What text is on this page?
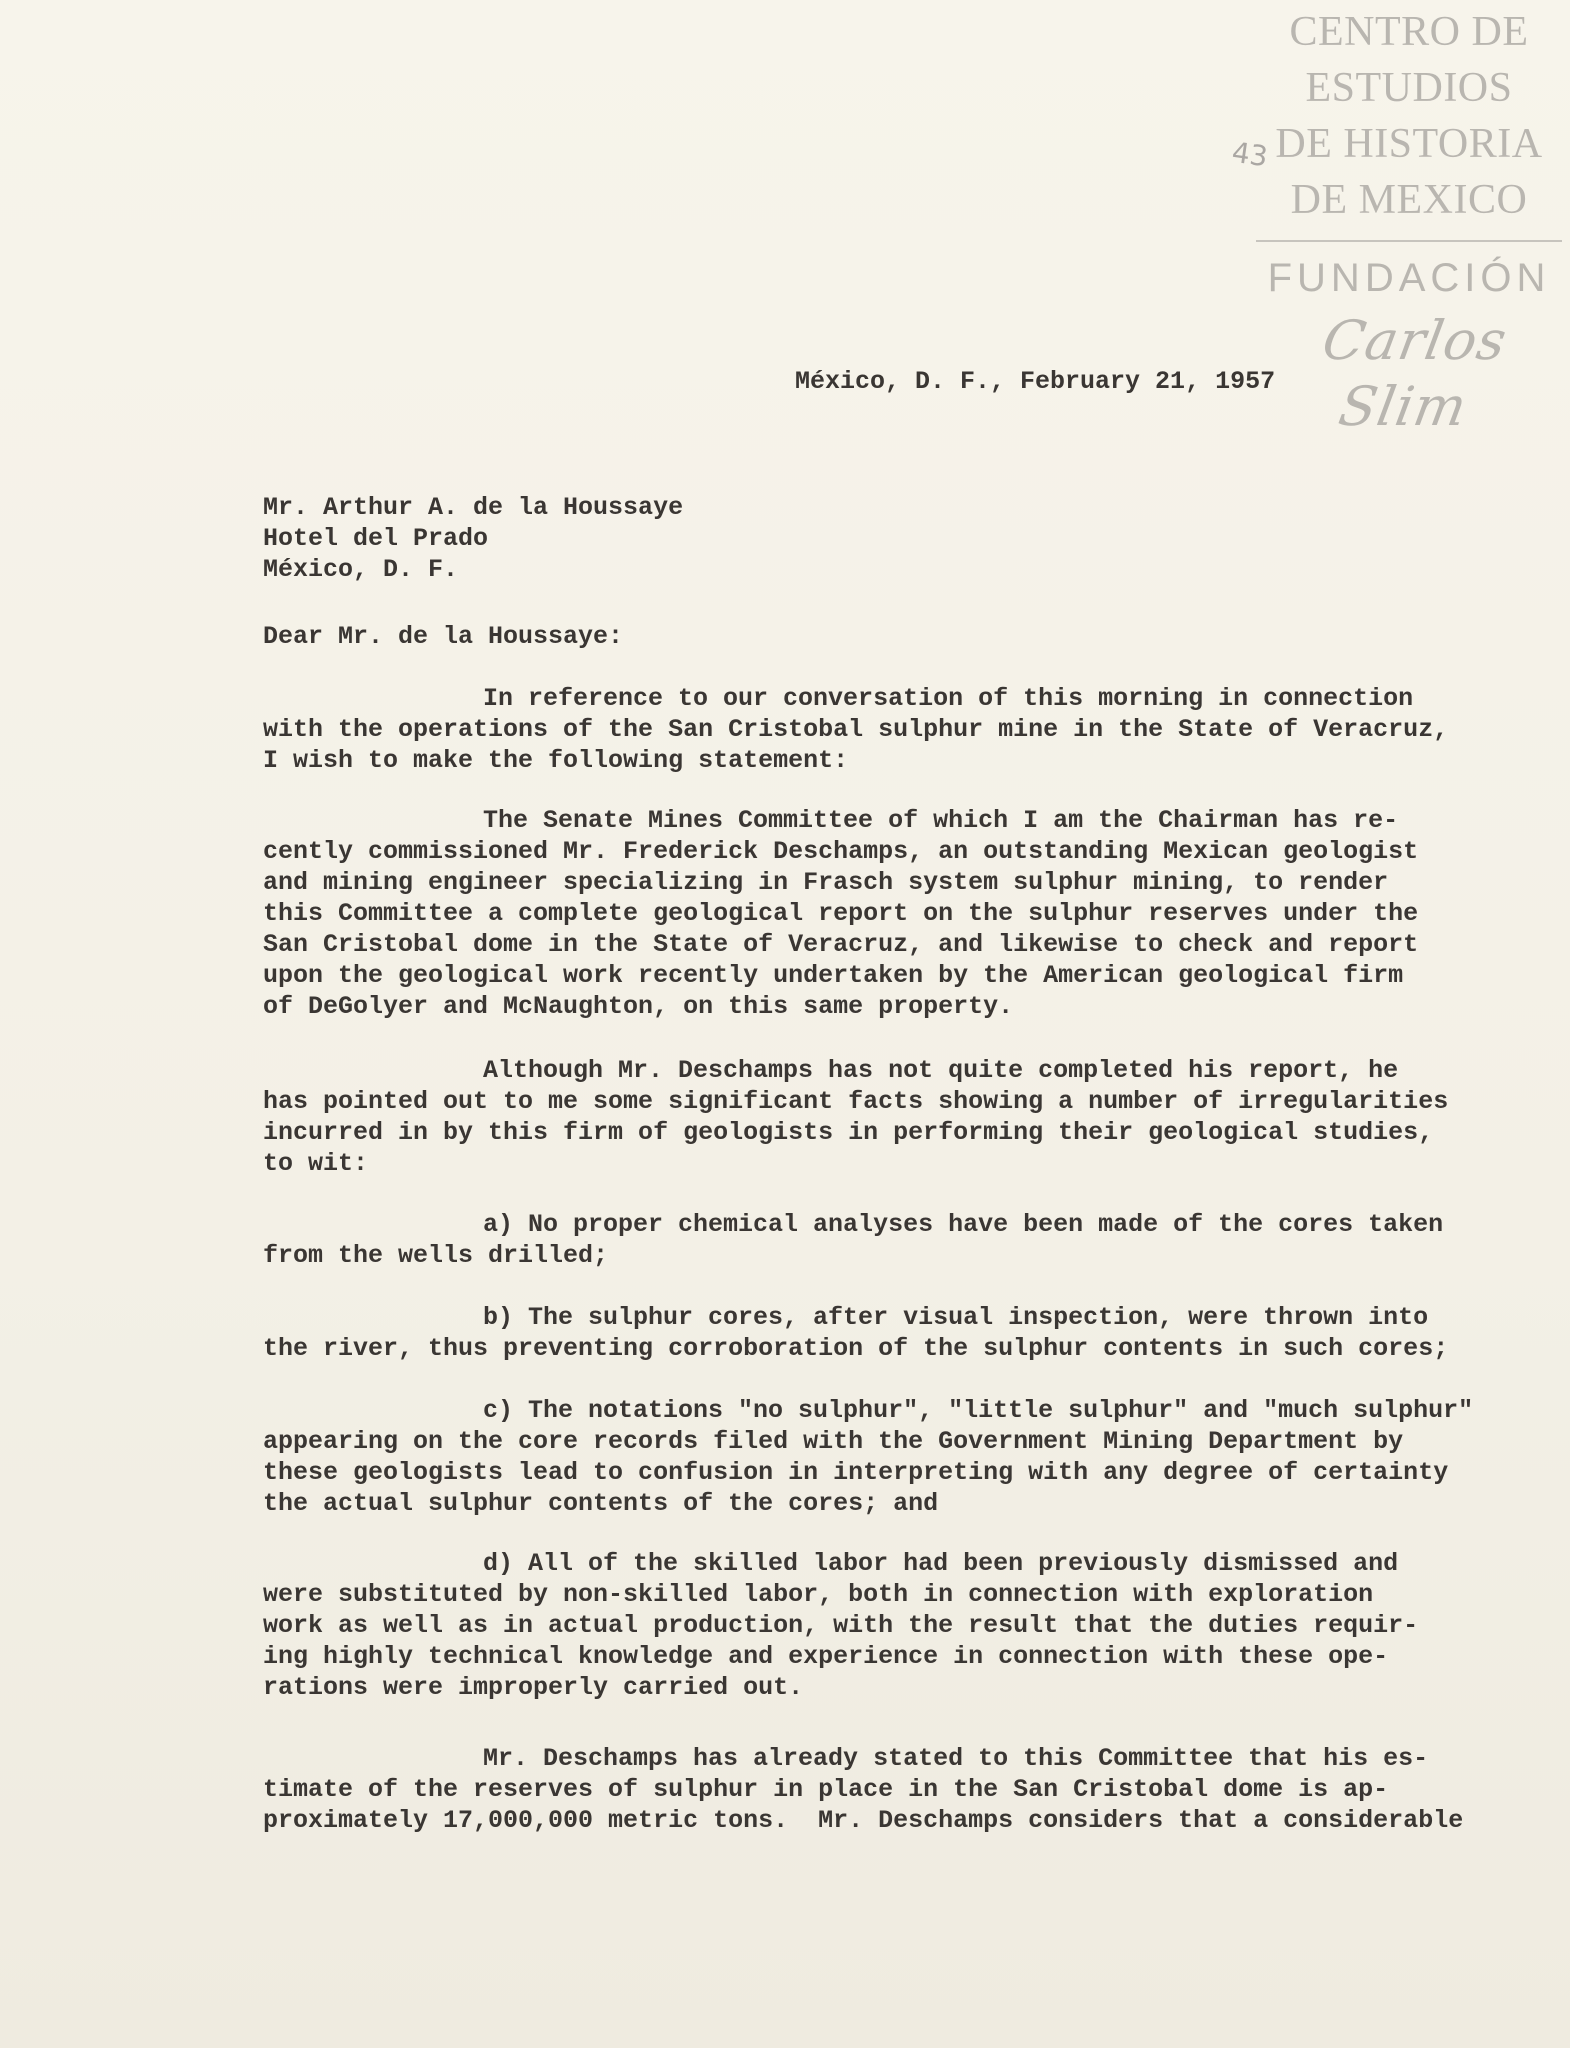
CENTRO DE
ESTUDIOS
DE HISTORIA
DE MEXICO
FUNDACIÓN
Carlos Slim
43
México, D. F., February 21, 1957
Mr. Arthur A. de la Houssaye
Hotel del Prado
México, D. F.
Dear Mr. de la Houssaye:
In reference to our conversation of this morning in connection
with the operations of the San Cristobal sulphur mine in the State of Veracruz,
I wish to make the following statement:
The Senate Mines Committee of which I am the Chairman has re-
cently commissioned Mr. Frederick Deschamps, an outstanding Mexican geologist
and mining engineer specializing in Frasch system sulphur mining, to render
this Committee a complete geological report on the sulphur reserves under the
San Cristobal dome in the State of Veracruz, and likewise to check and report
upon the geological work recently undertaken by the American geological firm
of DeGolyer and McNaughton, on this same property.
Although Mr. Deschamps has not quite completed his report, he
has pointed out to me some significant facts showing a number of irregularities
incurred in by this firm of geologists in performing their geological studies,
to wit:
a) No proper chemical analyses have been made of the cores taken
from the wells drilled;
b) The sulphur cores, after visual inspection, were thrown into
the river, thus preventing corroboration of the sulphur contents in such cores;
c) The notations "no sulphur", "little sulphur" and "much sulphur"
appearing on the core records filed with the Government Mining Department by
these geologists lead to confusion in interpreting with any degree of certainty
the actual sulphur contents of the cores; and
d) All of the skilled labor had been previously dismissed and
were substituted by non-skilled labor, both in connection with exploration
work as well as in actual production, with the result that the duties requir-
ing highly technical knowledge and experience in connection with these ope-
rations were improperly carried out.
Mr. Deschamps has already stated to this Committee that his es-
timate of the reserves of sulphur in place in the San Cristobal dome is ap-
proximately 17,000,000 metric tons.  Mr. Deschamps considers that a considerable
